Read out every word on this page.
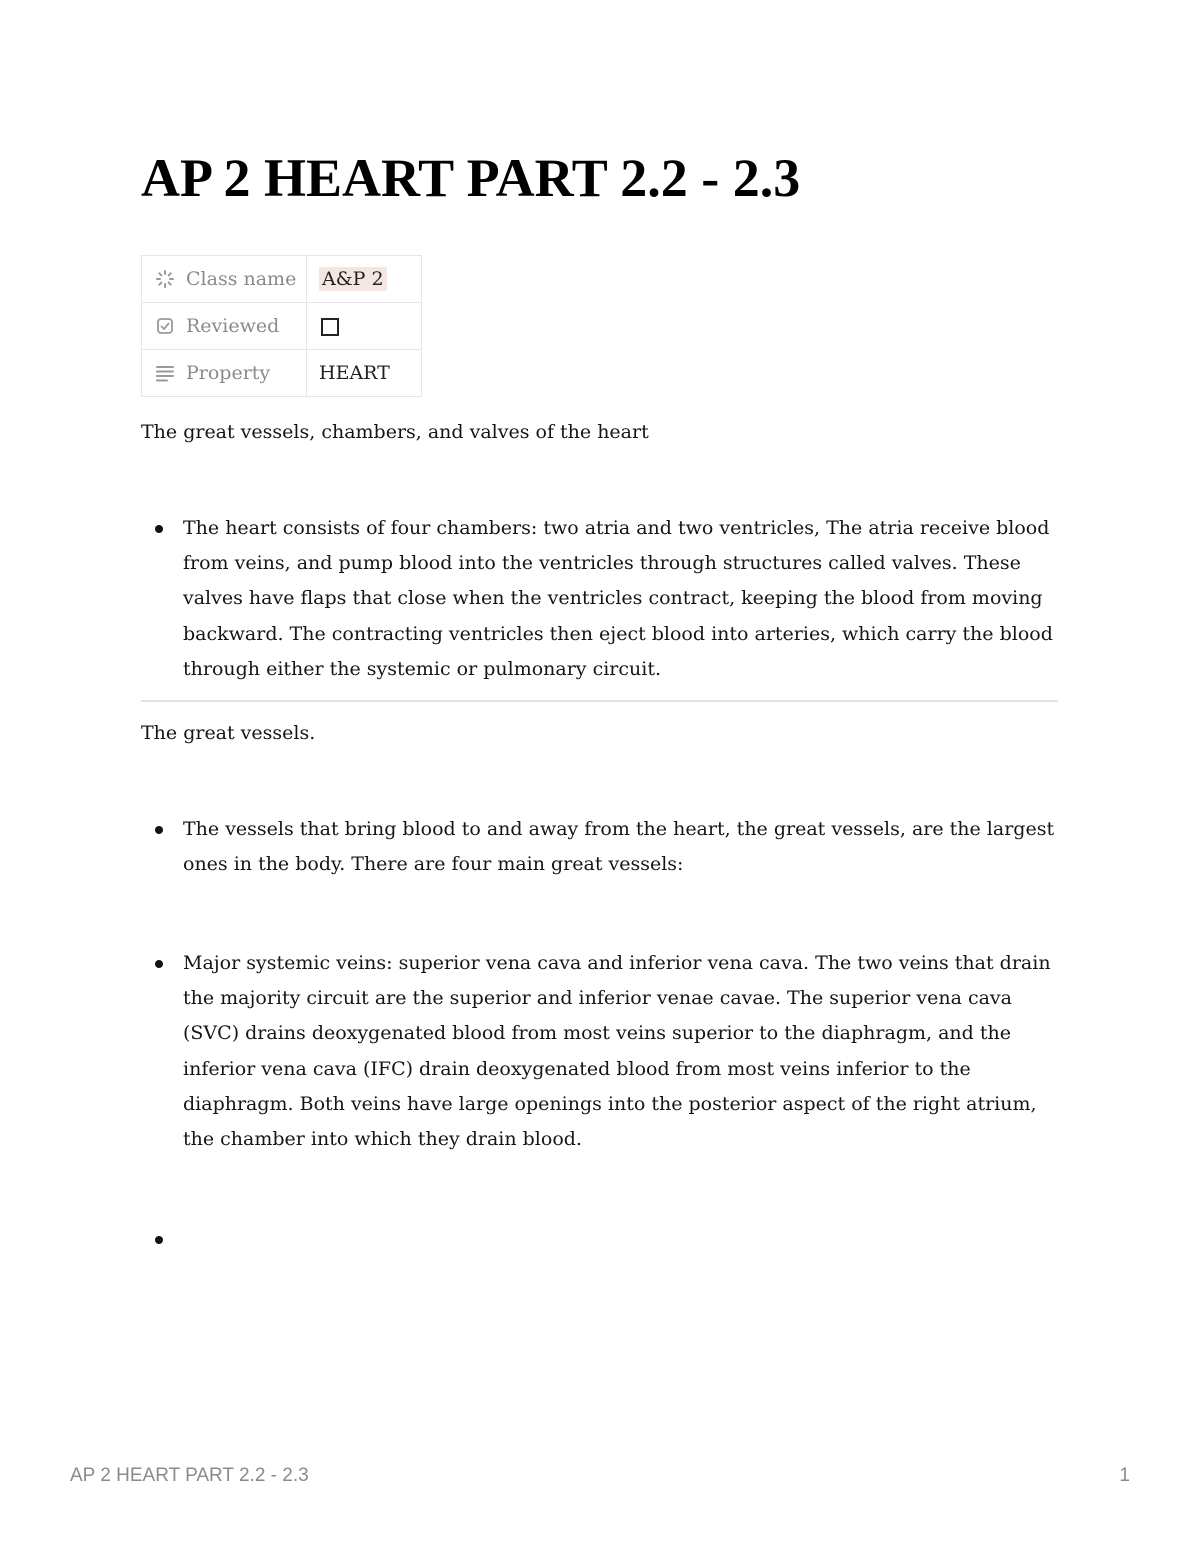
AP 2 HEART PART 2.2 - 2.3
Class name	A&P 2

Reviewed	

Property	HEART

The great vessels, chambers, and valves of the heart

The heart consists of four chambers: two atria and two ventricles, The atria receive blood from veins, and pump blood into the ventricles through structures called valves. These valves have flaps that close when the ventricles contract, keeping the blood from moving backward. The contracting ventricles then eject blood into arteries, which carry the blood through either the systemic or pulmonary circuit.

The great vessels.

The vessels that bring blood to and away from the heart, the great vessels, are the largest ones in the body. There are four main great vessels:
Major systemic veins: superior vena cava and inferior vena cava. The two veins that drain the majority circuit are the superior and inferior venae cavae. The superior vena cava (SVC) drains deoxygenated blood from most veins superior to the diaphragm, and the inferior vena cava (IFC) drain deoxygenated blood from most veins inferior to the diaphragm. Both veins have large openings into the posterior aspect of the right atrium, the chamber into which they drain blood.
AP 2 HEART PART 2.2 - 2.3	1
